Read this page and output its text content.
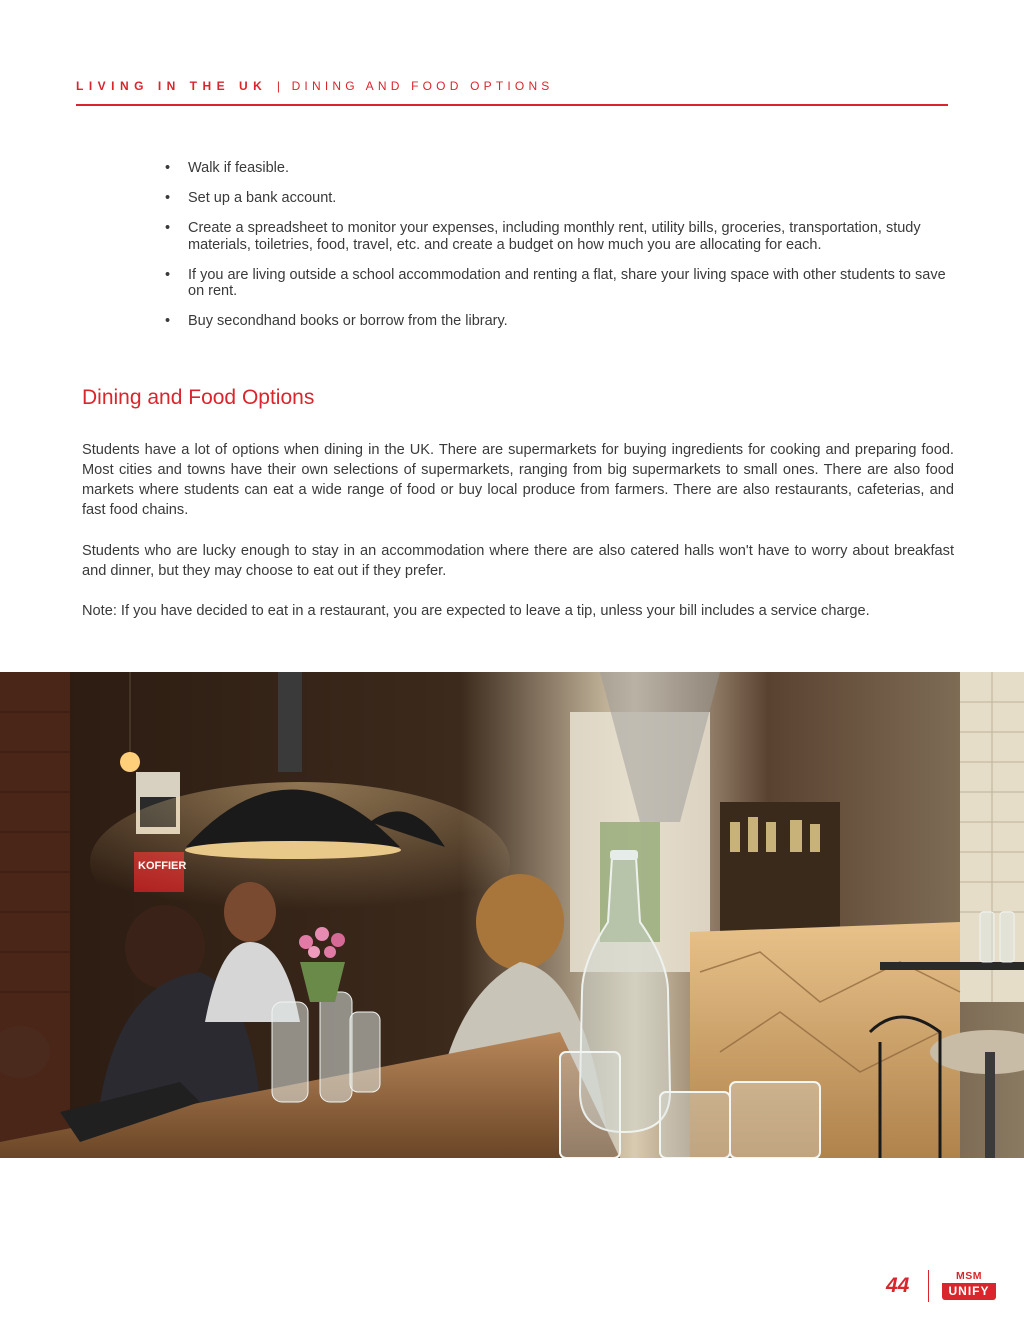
LIVING IN THE UK | DINING AND FOOD OPTIONS
• Walk if feasible.
• Set up a bank account.
• Create a spreadsheet to monitor your expenses, including monthly rent, utility bills, groceries, transportation, study materials, toiletries, food, travel, etc. and create a budget on how much you are allocating for each.
• If you are living outside a school accommodation and renting a flat, share your living space with other students to save on rent.
• Buy secondhand books or borrow from the library.
Dining and Food Options

Students have a lot of options when dining in the UK. There are supermarkets for buying ingredients for cooking and preparing food. Most cities and towns have their own selections of supermarkets, ranging from big supermarkets to small ones. There are also food markets where students can eat a wide range of food or buy local produce from farmers. There are also restaurants, cafeterias, and fast food chains.

Students who are lucky enough to stay in an accommodation where there are also catered halls won't have to worry about breakfast and dinner, but they may choose to eat out if they prefer.

Note: If you have decided to eat in a restaurant, you are expected to leave a tip, unless your bill includes a service charge.

44	MSM
UNIFY
